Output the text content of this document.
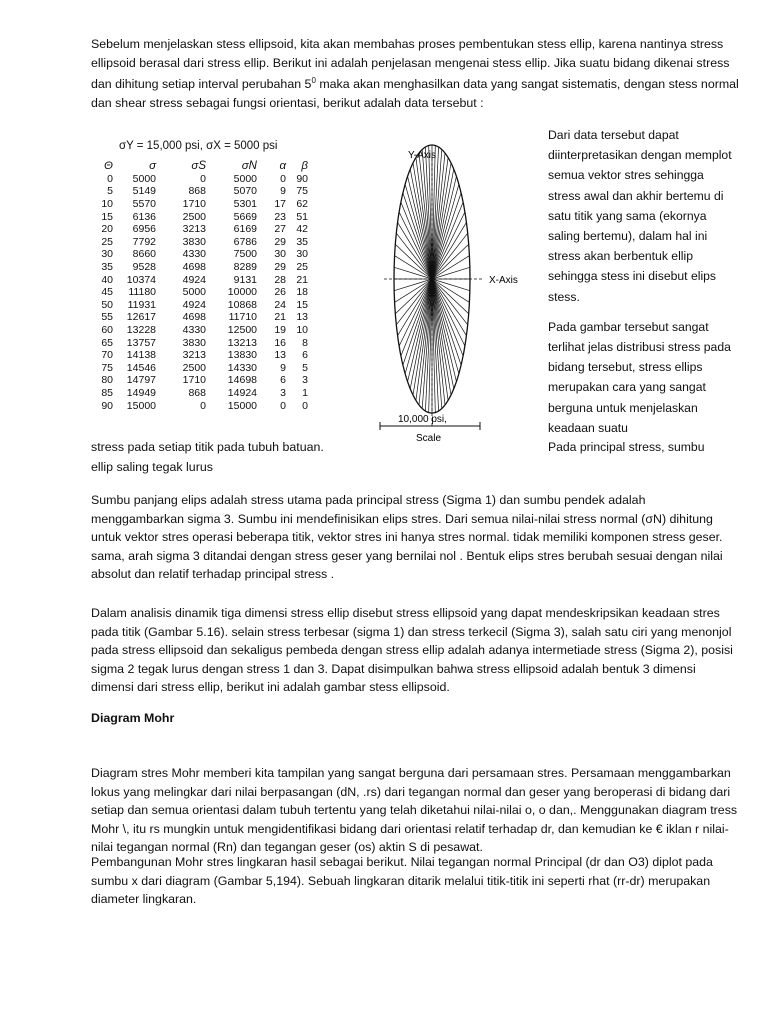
Sebelum menjelaskan stess ellipsoid, kita akan membahas proses pembentukan stess ellip, karena nantinya stress ellipsoid berasal dari stress ellip. Berikut ini adalah penjelasan mengenai stess ellip. Jika suatu bidang dikenai stress dan dihitung setiap interval perubahan $5^0$ maka akan menghasilkan data yang sangat sistematis, dengan stess normal dan shear stress sebagai fungsi orientasi, berikut adalah data tersebut :

σY = 15,000 psi, σX = 5000 psi
Θ	σ	σS	σN	α	β
0	5000	0	5000	0	90
5	5149	868	5070	9	75
10	5570	1710	5301	17	62
15	6136	2500	5669	23	51
20	6956	3213	6169	27	42
25	7792	3830	6786	29	35
30	8660	4330	7500	30	30
35	9528	4698	8289	29	25
40	10374	4924	9131	28	21
45	11180	5000	10000	26	18
50	11931	4924	10868	24	15
55	12617	4698	11710	21	13
60	13228	4330	12500	19	10
65	13757	3830	13213	16	8
70	14138	3213	13830	13	6
75	14546	2500	14330	9	5
80	14797	1710	14698	6	3
85	14949	868	14924	3	1
90	15000	0	15000	0	0
Y-Axis
X-Axis
10,000 psi,
Scale

Dari data tersebut dapat diinterpretasikan dengan memplot semua vektor stres sehingga stress awal dan akhir bertemu di satu titik yang sama (ekornya saling bertemu), dalam hal ini stress akan berbentuk ellip sehingga stess ini disebut elips stess.

Pada gambar tersebut sangat terlihat jelas distribusi stress pada bidang tersebut, stress ellips merupakan cara yang sangat berguna untuk menjelaskan keadaan suatu

stress pada setiap titik pada tubuh batuan.
ellip saling tegak lurus
Pada principal stress, sumbu

Sumbu panjang elips adalah stress utama pada principal stress (Sigma 1) dan sumbu pendek adalah menggambarkan sigma 3. Sumbu ini mendefinisikan elips stres. Dari semua nilai-nilai stress normal (σN) dihitung untuk vektor stres operasi beberapa titik, vektor stres ini hanya stres normal. tidak memiliki komponen stress geser. sama, arah sigma 3 ditandai dengan stress geser yang bernilai nol . Bentuk elips stres berubah sesuai dengan nilai absolut dan relatif terhadap principal stress .

Dalam analisis dinamik tiga dimensi stress ellip disebut stress ellipsoid yang dapat mendeskripsikan keadaan stres pada titik (Gambar 5.16). selain stress terbesar (sigma 1) dan stress terkecil (Sigma 3), salah satu ciri yang menonjol pada stress ellipsoid dan sekaligus pembeda dengan stress ellip adalah adanya intermetiade stress (Sigma 2), posisi sigma 2 tegak lurus dengan stress 1 dan 3. Dapat disimpulkan bahwa stress ellipsoid adalah bentuk 3 dimensi dimensi dari stress ellip, berikut ini adalah gambar stess ellipsoid.

Diagram Mohr

Diagram stres Mohr memberi kita tampilan yang sangat berguna dari persamaan stres. Persamaan menggambarkan lokus yang melingkar dari nilai berpasangan (dN, .rs) dari tegangan normal dan geser yang beroperasi di bidang dari setiap dan semua orientasi dalam tubuh tertentu yang telah diketahui nilai-nilai o, o dan,. Menggunakan diagram tress Mohr \, itu rs mungkin untuk mengidentifikasi bidang dari orientasi relatif terhadap dr, dan kemudian ke € iklan r nilai-nilai tegangan normal (Rn) dan tegangan geser (os) aktin S di pesawat.

Pembangunan Mohr stres lingkaran hasil sebagai berikut. Nilai tegangan normal Principal (dr dan O3) diplot pada sumbu x dari diagram (Gambar 5,194). Sebuah lingkaran ditarik melalui titik-titik ini seperti rhat (rr-dr) merupakan diameter lingkaran.
